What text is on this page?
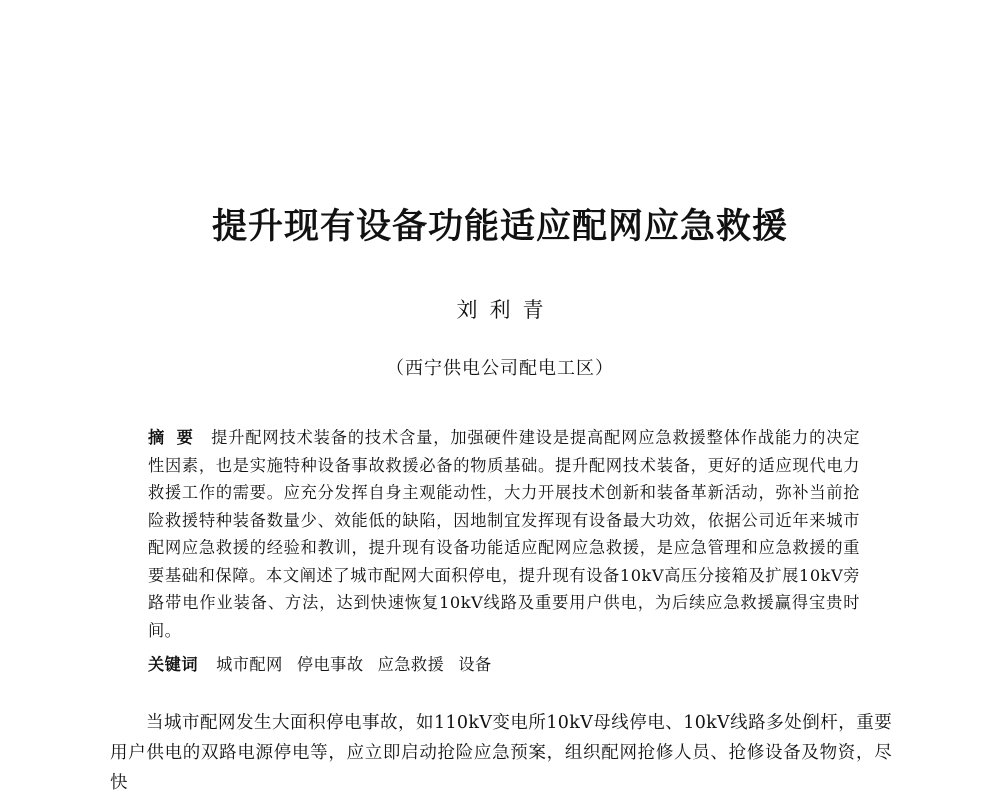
提升现有设备功能适应配网应急救援
刘利青
（西宁供电公司配电工区）
摘要 提升配网技术装备的技术含量，加强硬件建设是提高配网应急救援整体作战能力的决定性因素，也是实施特种设备事故救援必备的物质基础。提升配网技术装备，更好的适应现代电力救援工作的需要。应充分发挥自身主观能动性，大力开展技术创新和装备革新活动，弥补当前抢险救援特种装备数量少、效能低的缺陷，因地制宜发挥现有设备最大功效，依据公司近年来城市配网应急救援的经验和教训，提升现有设备功能适应配网应急救援，是应急管理和应急救援的重要基础和保障。本文阐述了城市配网大面积停电，提升现有设备10kV高压分接箱及扩展10kV旁路带电作业装备、方法，达到快速恢复10kV线路及重要用户供电，为后续应急救援赢得宝贵时间。
关键词 城市配网 停电事故 应急救援 设备
当城市配网发生大面积停电事故，如110kV变电所10kV母线停电、10kV线路多处倒杆，重要用户供电的双路电源停电等，应立即启动抢险应急预案，组织配网抢修人员、抢修设备及物资，尽快
